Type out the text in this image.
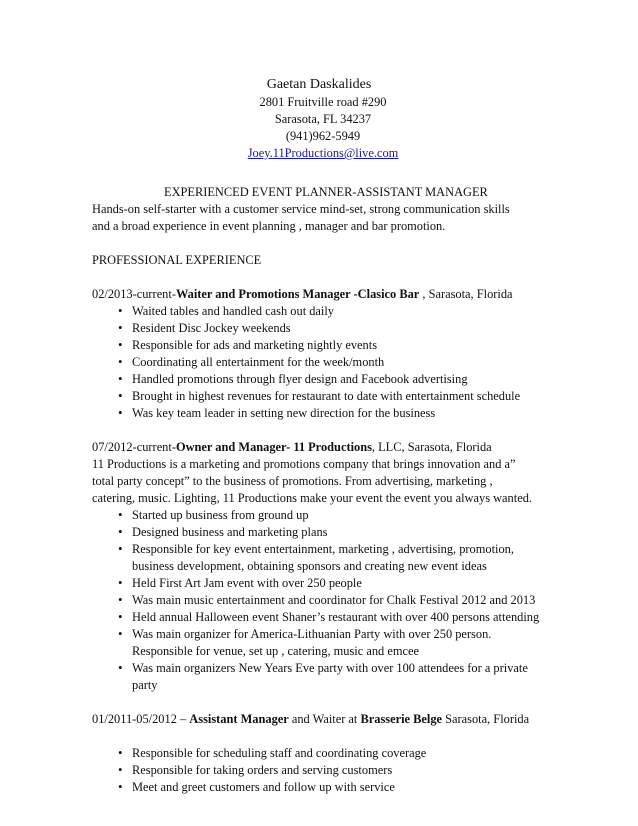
Gaetan Daskalides
2801 Fruitville road #290
Sarasota, FL 34237
(941)962-5949
Joey.11Productions@live.com
EXPERIENCED EVENT PLANNER-ASSISTANT MANAGER
Hands-on self-starter with a customer service mind-set, strong communication skills
and a broad experience in event planning , manager and bar promotion.
PROFESSIONAL EXPERIENCE
02/2013-current-Waiter and Promotions Manager -Clasico Bar , Sarasota, Florida
• Waited tables and handled cash out daily
• Resident Disc Jockey weekends
• Responsible for ads and marketing nightly events
• Coordinating all entertainment for the week/month
• Handled promotions through flyer design and Facebook advertising
• Brought in highest revenues for restaurant to date with entertainment schedule
• Was key team leader in setting new direction for the business
07/2012-current-Owner and Manager- 11 Productions, LLC, Sarasota, Florida
11 Productions is a marketing and promotions company that brings innovation and a”
total party concept” to the business of promotions. From advertising, marketing ,
catering, music. Lighting, 11 Productions make your event the event you always wanted.
• Started up business from ground up
• Designed business and marketing plans
• Responsible for key event entertainment, marketing , advertising, promotion,
business development, obtaining sponsors and creating new event ideas
• Held First Art Jam event with over 250 people
• Was main music entertainment and coordinator for Chalk Festival 2012 and 2013
• Held annual Halloween event Shaner’s restaurant with over 400 persons attending
• Was main organizer for America-Lithuanian Party with over 250 person.
Responsible for venue, set up , catering, music and emcee
• Was main organizers New Years Eve party with over 100 attendees for a private
party
01/2011-05/2012 – Assistant Manager and Waiter at Brasserie Belge Sarasota, Florida
• Responsible for scheduling staff and coordinating coverage
• Responsible for taking orders and serving customers
• Meet and greet customers and follow up with service
